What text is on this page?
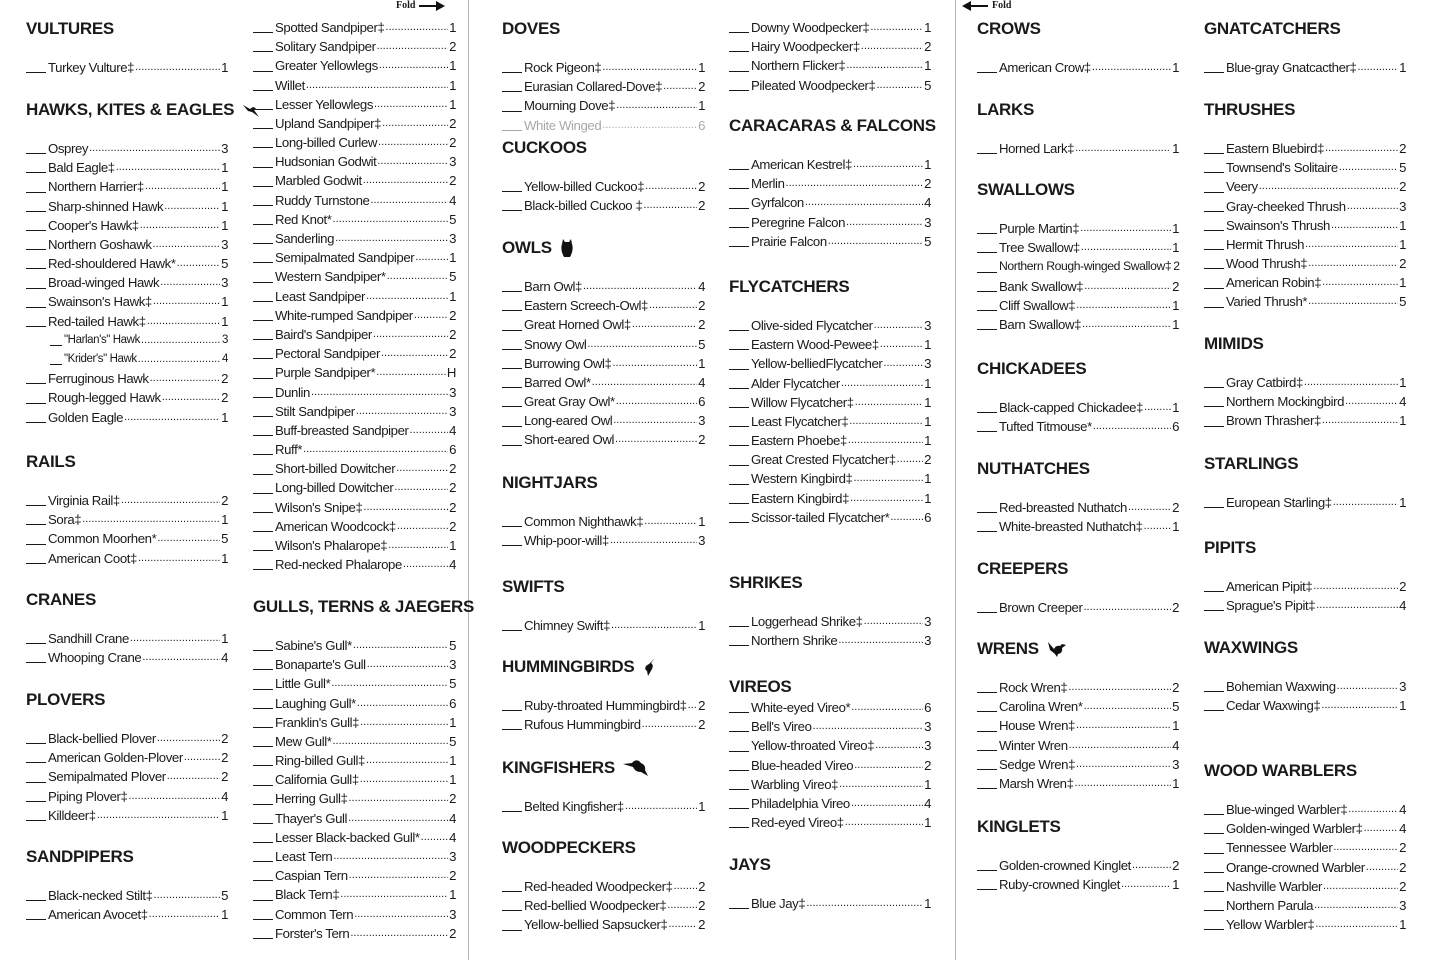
Fold	Fold
VULTURES
Turkey Vulture‡ .....	1
HAWKS, KITES & EAGLES
Osprey .....	3
Bald Eagle‡ .....	1
Northern Harrier‡ .....	1
Sharp-shinned Hawk .....	1
Cooper's Hawk‡ .....	1
Northern Goshawk .....	3
Red-shouldered Hawk* .....	5
Broad-winged Hawk .....	3
Swainson's Hawk‡ .....	1
Red-tailed Hawk‡ .....	1
"Harlan's" Hawk .....	3
"Krider's" Hawk .....	4
Ferruginous Hawk .....	2
Rough-legged Hawk .....	2
Golden Eagle .....	1
RAILS
Virginia Rail‡ .....	2
Sora‡ .....	1
Common Moorhen* .....	5
American Coot‡ .....	1
CRANES
Sandhill Crane .....	1
Whooping Crane .....	4
PLOVERS
Black-bellied Plover .....	2
American Golden-Plover .....	2
Semipalmated Plover .....	2
Piping Plover‡ .....	4
Killdeer‡ .....	1
SANDPIPERS
Black-necked Stilt‡ .....	5
American Avocet‡ .....	1
Spotted Sandpiper‡ .....	1
Solitary Sandpiper .....	2
Greater Yellowlegs .....	1
Willet .....	1
Lesser Yellowlegs .....	1
Upland Sandpiper‡ .....	2
Long-billed Curlew .....	2
Hudsonian Godwit .....	3
Marbled Godwit .....	2
Ruddy Turnstone .....	4
Red Knot* .....	5
Sanderling .....	3
Semipalmated Sandpiper .....	1
Western Sandpiper* .....	5
Least Sandpiper .....	1
White-rumped Sandpiper .....	2
Baird's Sandpiper .....	2
Pectoral Sandpiper .....	2
Purple Sandpiper* .....	H
Dunlin .....	3
Stilt Sandpiper .....	3
Buff-breasted Sandpiper .....	4
Ruff* .....	6
Short-billed Dowitcher .....	2
Long-billed Dowitcher .....	2
Wilson's Snipe‡ .....	2
American Woodcock‡ .....	2
Wilson's Phalarope‡ .....	1
Red-necked Phalarope .....	4
GULLS, TERNS & JAEGERS
Sabine's Gull* .....	5
Bonaparte's Gull .....	3
Little Gull* .....	5
Laughing Gull* .....	6
Franklin's Gull‡ .....	1
Mew Gull* .....	5
Ring-billed Gull‡ .....	1
California Gull‡ .....	1
Herring Gull‡ .....	2
Thayer's Gull .....	4
Lesser Black-backed Gull* ..... 4
Least Tern .....	3
Caspian Tern .....	2
Black Tern‡ .....	1
Common Tern .....	3
Forster's Tern .....	2
DOVES
Rock Pigeon‡ .....	1
Eurasian Collared-Dove‡ .....	2
Mourning Dove‡ .....	1
White Winged .....	6
CUCKOOS
Yellow-billed Cuckoo‡ .....	2
Black-billed Cuckoo ‡ .....	2
OWLS
Barn Owl‡ .....	4
Eastern Screech-Owl‡ .....	2
Great Horned Owl‡ .....	2
Snowy Owl .....	5
Burrowing Owl‡ .....	1
Barred Owl* .....	4
Great Gray Owl* .....	6
Long-eared Owl .....	3
Short-eared Owl .....	2
NIGHTJARS
Common Nighthawk‡ .....	1
Whip-poor-will‡ .....	3
SWIFTS
Chimney Swift‡ .....	1
HUMMINGBIRDS
Ruby-throated Hummingbird‡ ..... 2
Rufous Hummingbird .....	2
KINGFISHERS
Belted Kingfisher‡ .....	1
WOODPECKERS
Red-headed Woodpecker‡ ..... 2
Red-bellied Woodpecker‡ ..... 2
Yellow-bellied Sapsucker‡ ..... 2
Downy Woodpecker‡ .....	1
Hairy Woodpecker‡ .....	2
Northern Flicker‡ .....	1
Pileated Woodpecker‡ .....	5
CARACARAS & FALCONS
American Kestrel‡ .....	1
Merlin .....	2
Gyrfalcon .....	4
Peregrine Falcon .....	3
Prairie Falcon .....	5
FLYCATCHERS
Olive-sided Flycatcher .....	3
Eastern Wood-Pewee‡ .....	1
Yellow-belliedFlycatcher .....	3
Alder Flycatcher .....	1
Willow Flycatcher‡ .....	1
Least Flycatcher‡ .....	1
Eastern Phoebe‡ .....	1
Great Crested Flycatcher‡ ..... 2
Western Kingbird‡ .....	1
Eastern Kingbird‡ .....	1
Scissor-tailed Flycatcher* .....	6
SHRIKES
Loggerhead Shrike‡ .....	3
Northern Shrike .....	3
VIREOS
White-eyed Vireo* .....	6
Bell's Vireo .....	3
Yellow-throated Vireo‡ .....	3
Blue-headed Vireo .....	2
Warbling Vireo‡ .....	1
Philadelphia Vireo .....	4
Red-eyed Vireo‡ .....	1
JAYS
Blue Jay‡ .....	1
CROWS
American Crow‡ .....	1
LARKS
Horned Lark‡ .....	1
SWALLOWS
Purple Martin‡ .....	1
Tree Swallow‡ .....	1
Northern Rough-winged Swallow‡ 2
Bank Swallow‡ .....	2
Cliff Swallow‡ .....	1
Barn Swallow‡ .....	1
CHICKADEES
Black-capped Chickadee‡ ..... 1
Tufted Titmouse* .....	6
NUTHATCHES
Red-breasted Nuthatch .....	2
White-breasted Nuthatch‡ ..... 1
CREEPERS
Brown Creeper .....	2
WRENS
Rock Wren‡ .....	2
Carolina Wren* .....	5
House Wren‡ .....	1
Winter Wren .....	4
Sedge Wren‡ .....	3
Marsh Wren‡ .....	1
KINGLETS
Golden-crowned Kinglet .....	2
Ruby-crowned Kinglet .....	1
GNATCATCHERS
Blue-gray Gnatcacther‡ .....	1
THRUSHES
Eastern Bluebird‡ .....	2
Townsend's Solitaire .....	5
Veery .....	2
Gray-cheeked Thrush .....	3
Swainson's Thrush .....	1
Hermit Thrush .....	1
Wood Thrush‡ .....	2
American Robin‡ .....	1
Varied Thrush* .....	5
MIMIDS
Gray Catbird‡ .....	1
Northern Mockingbird .....	4
Brown Thrasher‡ .....	1
STARLINGS
European Starling‡ .....	1
PIPITS
American Pipit‡ .....	2
Sprague's Pipit‡ .....	4
WAXWINGS
Bohemian Waxwing .....	3
Cedar Waxwing‡ .....	1
WOOD WARBLERS
Blue-winged Warbler‡ .....	4
Golden-winged Warbler‡ .....	4
Tennessee Warbler .....	2
Orange-crowned Warbler .....	2
Nashville Warbler .....	2
Northern Parula .....	3
Yellow Warbler‡ .....	1
